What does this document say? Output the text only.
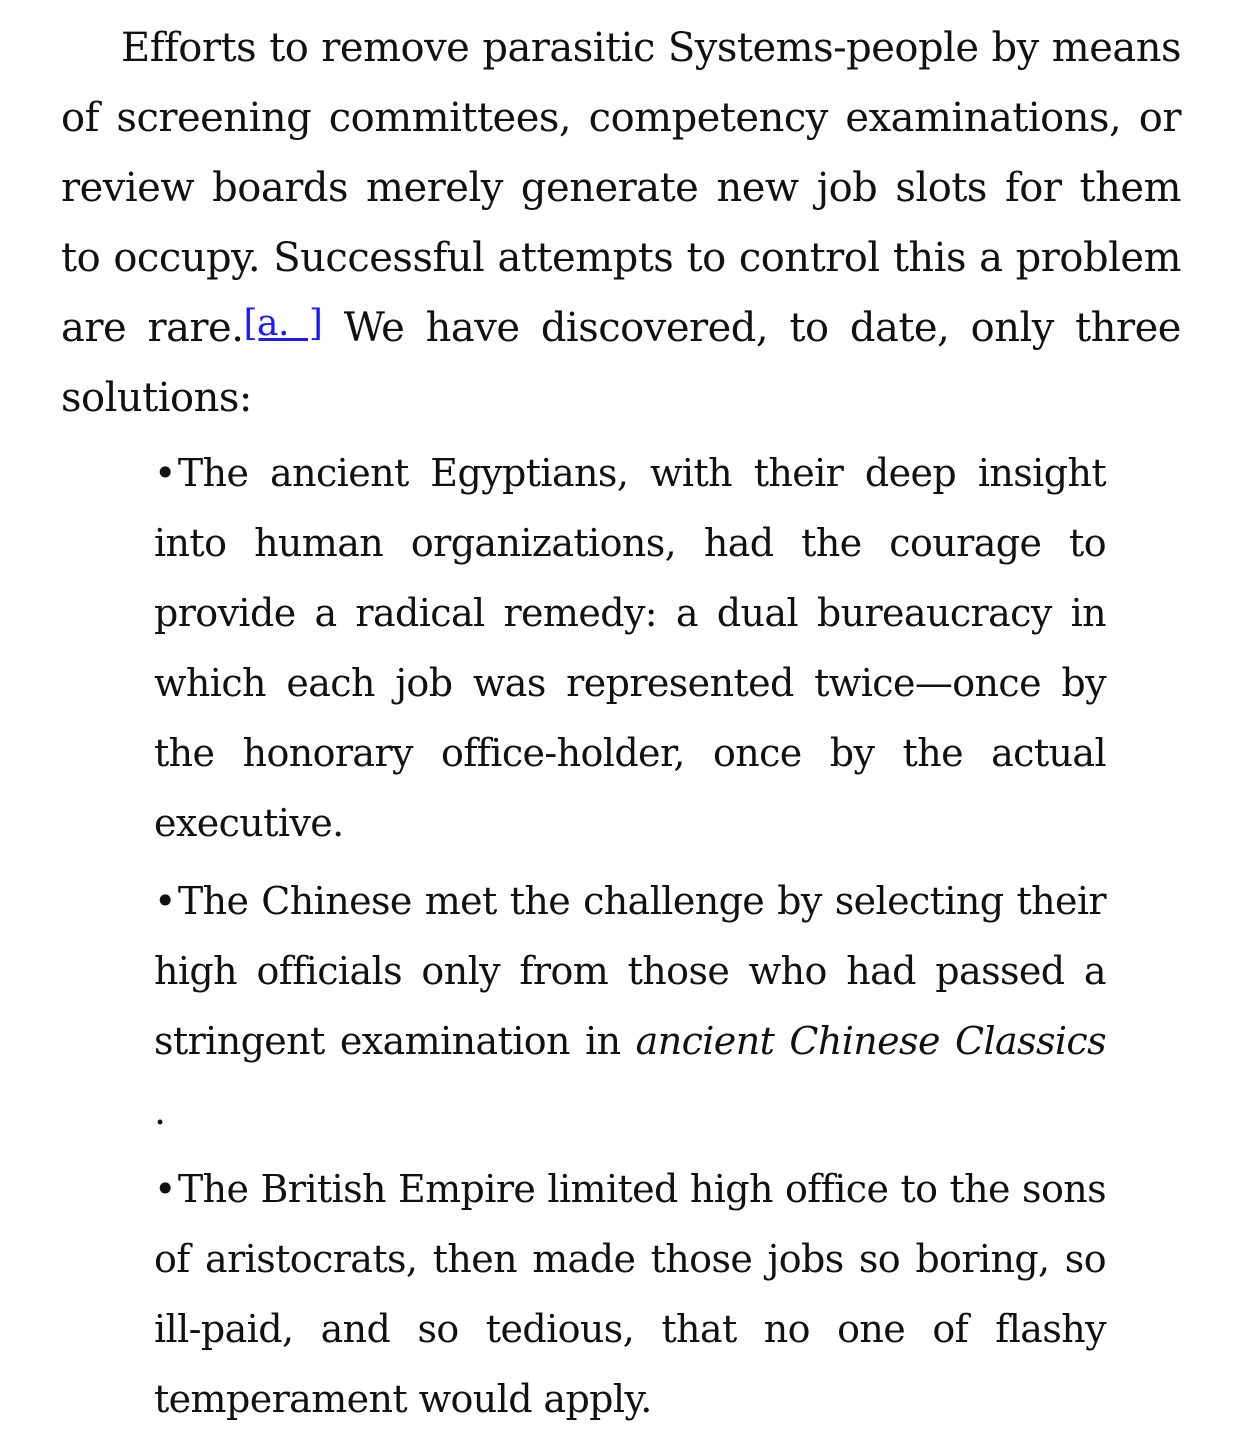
Efforts to remove parasitic Systems-people by means of screening committees, competency examinations, or review boards merely generate new job slots for them to occupy. Successful attempts to control this a problem are rare.[a. ] We have discovered, to date, only three solutions:

•The ancient Egyptians, with their deep insight into human organizations, had the courage to provide a radical remedy: a dual bureaucracy in which each job was represented twice—once by the honorary office-holder, once by the actual executive.
•The Chinese met the challenge by selecting their high officials only from those who had passed a stringent examination in ancient Chinese Classics .
•The British Empire limited high office to the sons of aristocrats, then made those jobs so boring, so ill-paid, and so tedious, that no one of flashy temperament would apply.
